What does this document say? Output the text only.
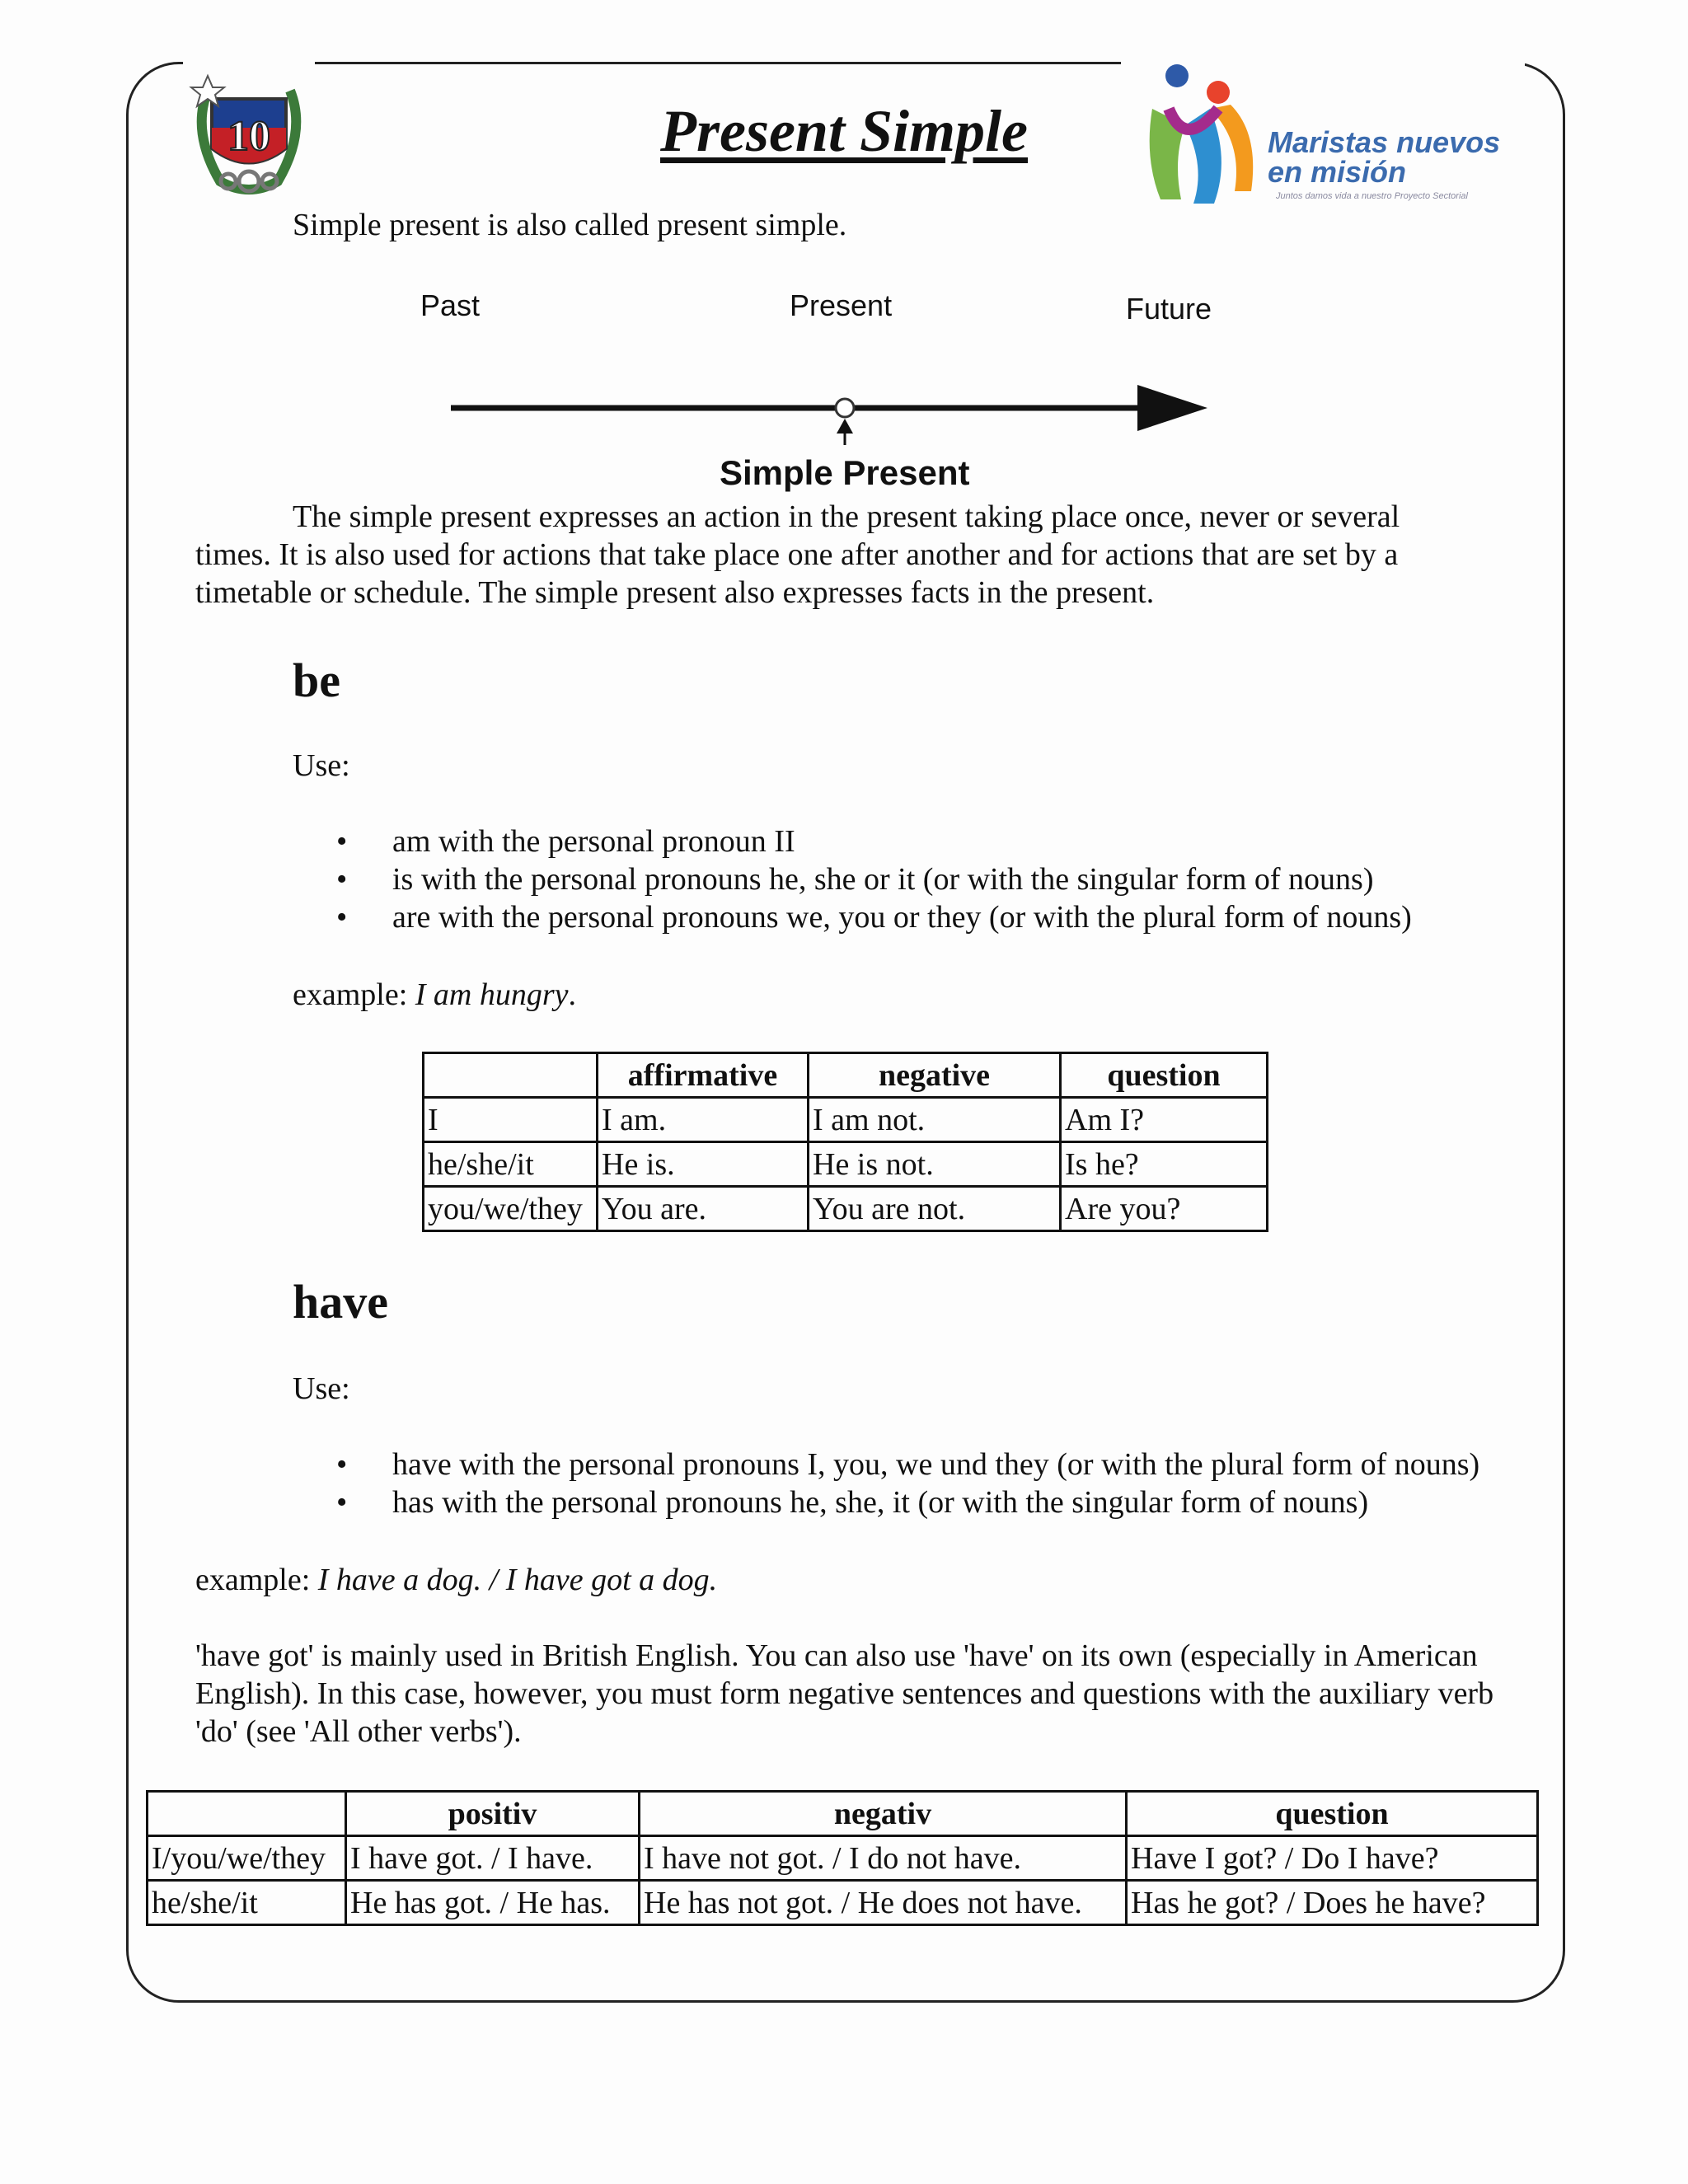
10	Present Simple	Maristas nuevos
en misión
Juntos damos vida a nuestro Proyecto Sectorial
Simple present is also called present simple.
Past	Present	Future
Simple Present
The simple present expresses an action in the present taking place once, never or several times. It is also used for actions that take place one after another and for actions that are set by a timetable or schedule. The simple present also expresses facts in the present.
be
Use:
• am with the personal pronoun II
• is with the personal pronouns he, she or it (or with the singular form of nouns)
• are with the personal pronouns we, you or they (or with the plural form of nouns)
example: I am hungry.
	affirmative	negative	question
I	I am.	I am not.	Am I?
he/she/it	He is.	He is not.	Is he?
you/we/they	You are.	You are not.	Are you?
have
Use:
• have with the personal pronouns I, you, we und they (or with the plural form of nouns)
• has with the personal pronouns he, she, it (or with the singular form of nouns)
example: I have a dog. / I have got a dog.
'have got' is mainly used in British English. You can also use 'have' on its own (especially in American
English). In this case, however, you must form negative sentences and questions with the auxiliary verb
'do' (see 'All other verbs').
	positiv	negativ	question
I/you/we/they	I have got. / I have.	I have not got. / I do not have.	Have I got? / Do I have?
he/she/it	He has got. / He has.	He has not got. / He does not have.	Has he got? / Does he have?
